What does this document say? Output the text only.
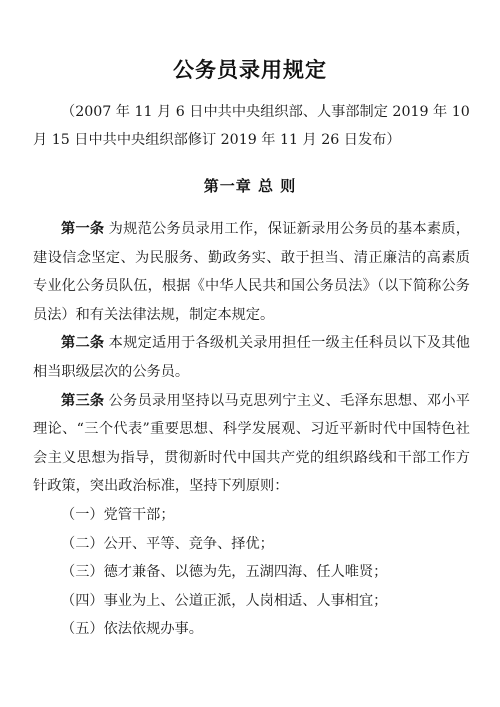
公务员录用规定

（2007 年 11 月 6 日中共中央组织部、人事部制定 2019 年 10 月 15 日中共中央组织部修订 2019 年 11 月 26 日发布）

第一章 总 则

第一条 为规范公务员录用工作，保证新录用公务员的基本素质，建设信念坚定、为民服务、勤政务实、敢于担当、清正廉洁的高素质专业化公务员队伍，根据《中华人民共和国公务员法》（以下简称公务员法）和有关法律法规，制定本规定。

第二条 本规定适用于各级机关录用担任一级主任科员以下及其他相当职级层次的公务员。

第三条 公务员录用坚持以马克思列宁主义、毛泽东思想、邓小平理论、“三个代表”重要思想、科学发展观、习近平新时代中国特色社会主义思想为指导，贯彻新时代中国共产党的组织路线和干部工作方针政策，突出政治标准，坚持下列原则：

（一）党管干部；
（二）公开、平等、竞争、择优；
（三）德才兼备、以德为先，五湖四海、任人唯贤；
（四）事业为上、公道正派，人岗相适、人事相宜；
（五）依法依规办事。
